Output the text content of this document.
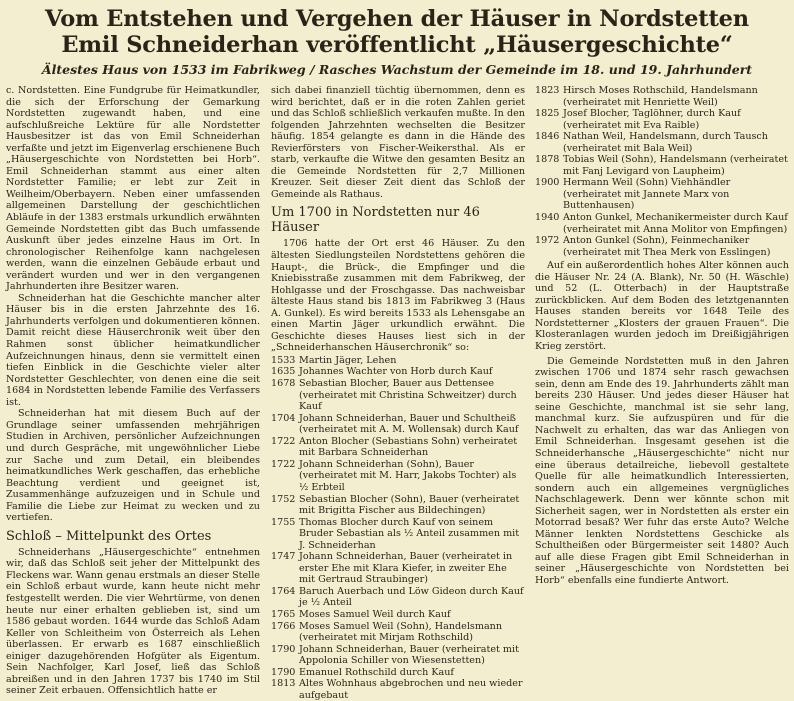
Vom Entstehen und Vergehen der Häuser in Nordstetten
Emil Schneiderhan veröffentlicht „Häusergeschichte“
Ältestes Haus von 1533 im Fabrikweg / Rasches Wachstum der Gemeinde im 18. und 19. Jahrhundert

c. Nordstetten. Eine Fundgrube für Heimatkundler, die sich der Erforschung der Gemarkung Nordstetten zugewandt haben, und eine aufschlußreiche Lektüre für alle Nordstetter Hausbesitzer ist das von Emil Schneiderhan verfaßte und jetzt im Eigenverlag erschienene Buch „Häusergeschichte von Nordstetten bei Horb“. Emil Schneiderhan stammt aus einer alten Nordstetter Familie; er lebt zur Zeit in Weilheim/Oberbayern. Neben einer umfassenden allgemeinen Darstellung der geschichtlichen Abläufe in der 1383 erstmals urkundlich erwähnten Gemeinde Nordstetten gibt das Buch umfassende Auskunft über jedes einzelne Haus im Ort. In chronologischer Reihenfolge kann nachgelesen werden, wann die einzelnen Gebäude erbaut und verändert wurden und wer in den vergangenen Jahrhunderten ihre Besitzer waren.

Schneiderhan hat die Geschichte mancher alter Häuser bis in die ersten Jahrzehnte des 16. Jahrhunderts verfolgen und dokumentieren können. Damit reicht diese Häuserchronik weit über den Rahmen sonst üblicher heimatkundlicher Aufzeichnungen hinaus, denn sie vermittelt einen tiefen Einblick in die Geschichte vieler alter Nordstetter Geschlechter, von denen eine die seit 1684 in Nordstetten lebende Familie des Verfassers ist.

Schneiderhan hat mit diesem Buch auf der Grundlage seiner umfassenden mehrjährigen Studien in Archiven, persönlicher Aufzeichnungen und durch Gespräche, mit ungewöhnlicher Liebe zur Sache und zum Detail, ein bleibendes heimatkundliches Werk geschaffen, das erhebliche Beachtung verdient und geeignet ist, Zusammenhänge aufzuzeigen und in Schule und Familie die Liebe zur Heimat zu wecken und zu vertiefen.

Schloß – Mittelpunkt des Ortes

Schneiderhans „Häusergeschichte“ entnehmen wir, daß das Schloß seit jeher der Mittelpunkt des Fleckens war. Wann genau erstmals an dieser Stelle ein Schloß erbaut wurde, kann heute nicht mehr festgestellt werden. Die vier Wehrtürme, von denen heute nur einer erhalten geblieben ist, sind um 1586 gebaut worden. 1644 wurde das Schloß Adam Keller von Schleitheim von Österreich als Lehen überlassen. Er erwarb es 1687 einschließlich einiger dazugehörenden Hofgüter als Eigentum. Sein Nachfolger, Karl Josef, ließ das Schloß abreißen und in den Jahren 1737 bis 1740 im Stil seiner Zeit erbauen. Offensichtlich hatte er

sich dabei finanziell tüchtig übernommen, denn es wird berichtet, daß er in die roten Zahlen geriet und das Schloß schließlich verkaufen mußte. In den folgenden Jahrzehnten wechselten die Besitzer häufig. 1854 gelangte es dann in die Hände des Revierförsters von Fischer-Weikersthal. Als er starb, verkaufte die Witwe den gesamten Besitz an die Gemeinde Nordstetten für 2,7 Millionen Kreuzer. Seit dieser Zeit dient das Schloß der Gemeinde als Rathaus.

Um 1700 in Nordstetten nur 46 Häuser

1706 hatte der Ort erst 46 Häuser. Zu den ältesten Siedlungsteilen Nordstettens gehören die Haupt-, die Brück-, die Empfinger und die Kniebisstraße zusammen mit dem Fabrikweg, der Hohlgasse und der Froschgasse. Das nachweisbar älteste Haus stand bis 1813 im Fabrikweg 3 (Haus A. Gunkel). Es wird bereits 1533 als Lehensgabe an einen Martin Jäger urkundlich erwähnt. Die Geschichte dieses Hauses liest sich in der „Schneiderhanschen Häuserchronik“ so:

1533 Martin Jäger, Lehen
1635 Johannes Wachter von Horb durch Kauf
1678 Sebastian Blocher, Bauer aus Dettensee (verheiratet mit Christina Schweitzer) durch Kauf
1704 Johann Schneiderhan, Bauer und Schultheiß (verheiratet mit A. M. Wollensak) durch Kauf
1722 Anton Blocher (Sebastians Sohn) verheiratet mit Barbara Schneiderhan
1722 Johann Schneiderhan (Sohn), Bauer (verheiratet mit M. Harr, Jakobs Tochter) als ½ Erbteil
1752 Sebastian Blocher (Sohn), Bauer (verheiratet mit Brigitta Fischer aus Bildechingen)
1755 Thomas Blocher durch Kauf von seinem Bruder Sebastian als ½ Anteil zusammen mit J. Schneiderhan
1747 Johann Schneiderhan, Bauer (verheiratet in erster Ehe mit Klara Kiefer, in zweiter Ehe mit Gertraud Straubinger)
1764 Baruch Auerbach und Löw Gideon durch Kauf je ½ Anteil
1765 Moses Samuel Weil durch Kauf
1766 Moses Samuel Weil (Sohn), Handelsmann (verheiratet mit Mirjam Rothschild)
1790 Johann Schneiderhan, Bauer (verheiratet mit Appolonia Schiller von Wiesenstetten)
1790 Emanuel Rothschild durch Kauf
1813 Altes Wohnhaus abgebrochen und neu wieder aufgebaut
1823 Hirsch Moses Rothschild, Handelsmann (verheiratet mit Henriette Weil)
1825 Josef Blocher, Taglöhner, durch Kauf (verheiratet mit Eva Raible)
1846 Nathan Weil, Handelsmann, durch Tausch (verheiratet mit Bala Weil)
1878 Tobias Weil (Sohn), Handelsmann (verheiratet mit Fanj Levigard von Laupheim)
1900 Hermann Weil (Sohn) Viehhändler (verheiratet mit Jannete Marx von Buttenhausen)
1940 Anton Gunkel, Mechanikermeister durch Kauf (verheiratet mit Anna Molitor von Empfingen)
1972 Anton Gunkel (Sohn), Feinmechaniker (verheiratet mit Thea Merk von Esslingen)

Auf ein außerordentlich hohes Alter können auch die Häuser Nr. 24 (A. Blank), Nr. 50 (H. Wäschle) und 52 (L. Otterbach) in der Hauptstraße zurückblicken. Auf dem Boden des letztgenannten Hauses standen bereits vor 1648 Teile des Nordstetterner „Klosters der grauen Frauen“. Die Klosteranlagen wurden jedoch im Dreißigjährigen Krieg zerstört.

Die Gemeinde Nordstetten muß in den Jahren zwischen 1706 und 1874 sehr rasch gewachsen sein, denn am Ende des 19. Jahrhunderts zählt man bereits 230 Häuser. Und jedes dieser Häuser hat seine Geschichte, manchmal ist sie sehr lang, manchmal kurz. Sie aufzuspüren und für die Nachwelt zu erhalten, das war das Anliegen von Emil Schneiderhan. Insgesamt gesehen ist die Schneiderhansche „Häusergeschichte“ nicht nur eine überaus detailreiche, liebevoll gestaltete Quelle für alle heimatkundlich Interessierten, sondern auch ein allgemeines vergnügliches Nachschlagewerk. Denn wer könnte schon mit Sicherheit sagen, wer in Nordstetten als erster ein Motorrad besaß? Wer fuhr das erste Auto? Welche Männer lenkten Nordstettens Geschicke als Schultheißen oder Bürgermeister seit 1480? Auch auf alle diese Fragen gibt Emil Schneiderhan in seiner „Häusergeschichte von Nordstetten bei Horb“ ebenfalls eine fundierte Antwort.
